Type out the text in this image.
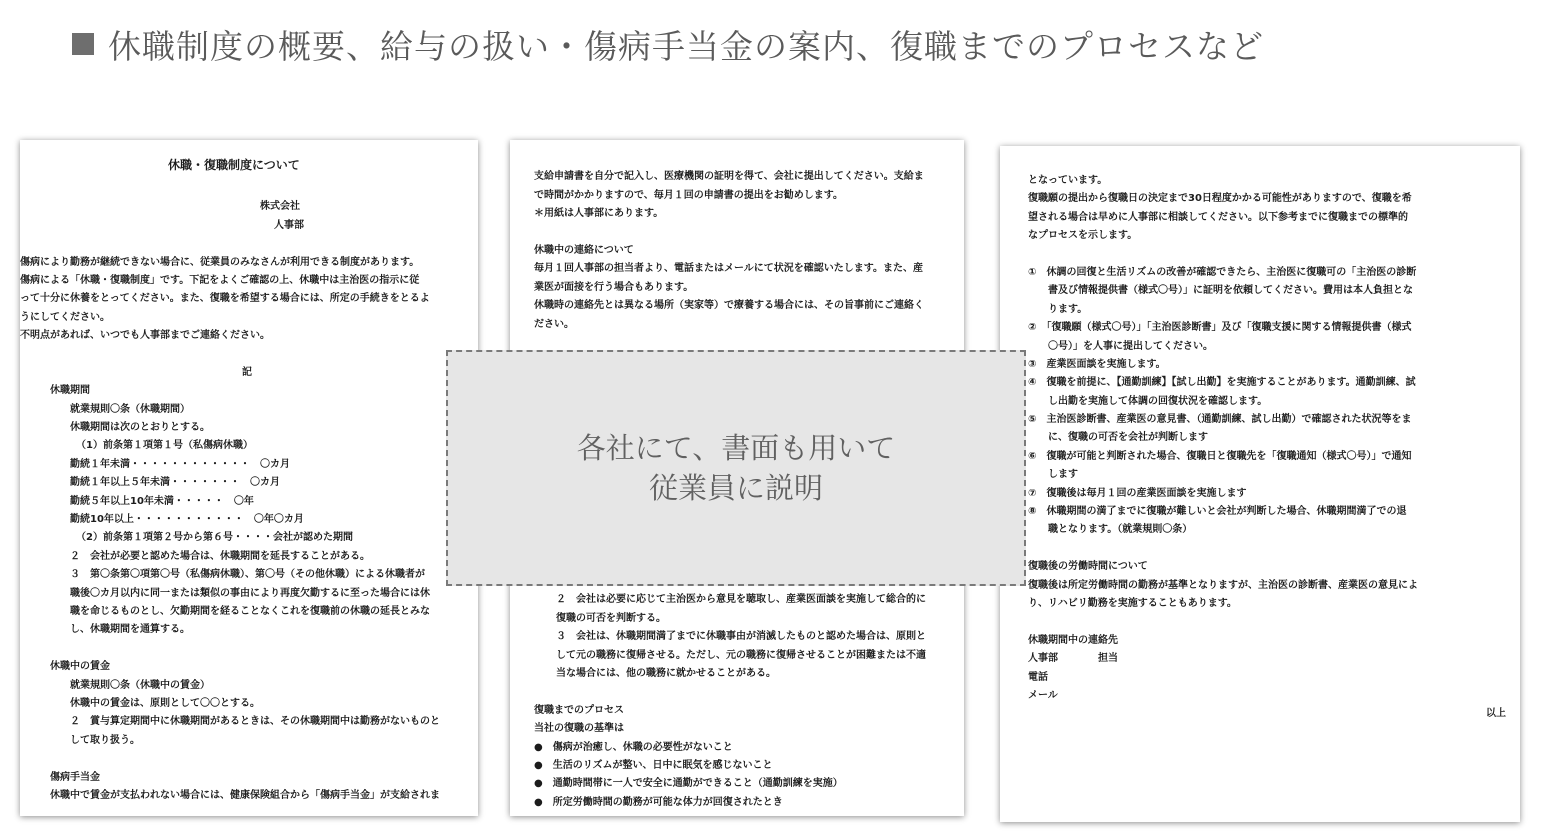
休職制度の概要、給与の扱い・傷病手当金の案内、復職までのプロセスなど
休職・復職制度について
株式会社
人事部
傷病により勤務が継続できない場合に、従業員のみなさんが利用できる制度があります。
傷病による「休職・復職制度」です。下記をよくご確認の上、休職中は主治医の指示に従
って十分に休養をとってください。また、復職を希望する場合には、所定の手続きをとるよ
うにしてください。
不明点があれば、いつでも人事部までご連絡ください。
記
休職期間
就業規則〇条（休職期間）
休職期間は次のとおりとする。
（1）前条第１項第１号（私傷病休職）
勤続１年未満・・・・・・・・・・・・　〇カ月
勤続１年以上５年未満・・・・・・・　〇カ月
勤続５年以上10年未満・・・・・　〇年
勤続10年以上・・・・・・・・・・・　〇年〇カ月
（2）前条第１項第２号から第６号・・・・会社が認めた期間
２　会社が必要と認めた場合は、休職期間を延長することがある。
３　第〇条第〇項第〇号（私傷病休職）、第〇号（その他休職）による休職者が
職後〇カ月以内に同一または類似の事由により再度欠勤するに至った場合には休
職を命じるものとし、欠勤期間を経ることなくこれを復職前の休職の延長とみな
し、休職期間を通算する。
休職中の賃金
就業規則〇条（休職中の賃金）
休職中の賃金は、原則として〇〇とする。
２　賞与算定期間中に休職期間があるときは、その休職期間中は勤務がないものと
して取り扱う。
傷病手当金
休職中で賃金が支払われない場合には、健康保険組合から「傷病手当金」が支給されま
支給申請書を自分で記入し、医療機関の証明を得て、会社に提出してください。支給ま
で時間がかかりますので、毎月１回の申請書の提出をお勧めします。
＊用紙は人事部にあります。
休職中の連絡について
毎月１回人事部の担当者より、電話またはメールにて状況を確認いたします。また、産
業医が面接を行う場合もあります。
休職時の連絡先とは異なる場所（実家等）で療養する場合には、その旨事前にご連絡く
ださい。
２　会社は必要に応じて主治医から意見を聴取し、産業医面談を実施して総合的に
復職の可否を判断する。
３　会社は、休職期間満了までに休職事由が消滅したものと認めた場合は、原則と
して元の職務に復帰させる。ただし、元の職務に復帰させることが困難または不適
当な場合には、他の職務に就かせることがある。
復職までのプロセス
当社の復職の基準は
●　傷病が治癒し、休職の必要性がないこと
●　生活のリズムが整い、日中に眠気を感じないこと
●　通勤時間帯に一人で安全に通勤ができること（通勤訓練を実施）
●　所定労働時間の勤務が可能な体力が回復されたとき
となっています。
復職願の提出から復職日の決定まで30日程度かかる可能性がありますので、復職を希
望される場合は早めに人事部に相談してください。以下参考までに復職までの標準的
なプロセスを示します。
①　休調の回復と生活リズムの改善が確認できたら、主治医に復職可の「主治医の診断
　　書及び情報提供書（様式〇号）」に証明を依頼してください。費用は本人負担とな
　　ります。
②　「復職願（様式〇号）」「主治医診断書」及び「復職支援に関する情報提供書（様式
　　〇号）」を人事に提出してください。
③　産業医面談を実施します。
④　復職を前提に、【通勤訓練】【試し出勤】を実施することがあります。通勤訓練、試
　　し出勤を実施して体調の回復状況を確認します。
⑤　主治医診断書、産業医の意見書、（通勤訓練、試し出勤）で確認された状況等をま
　　に、復職の可否を会社が判断します
⑥　復職が可能と判断された場合、復職日と復職先を「復職通知（様式〇号）」で通知
　　します
⑦　復職後は毎月１回の産業医面談を実施します
⑧　休職期間の満了までに復職が難しいと会社が判断した場合、休職期間満了での退
　　職となります。（就業規則〇条）
復職後の労働時間について
復職後は所定労働時間の勤務が基準となりますが、主治医の診断書、産業医の意見によ
り、リハビリ勤務を実施することもあります。
休職期間中の連絡先
人事部　　　　担当
電話
メール
以上
各社にて、書面も用いて
従業員に説明
